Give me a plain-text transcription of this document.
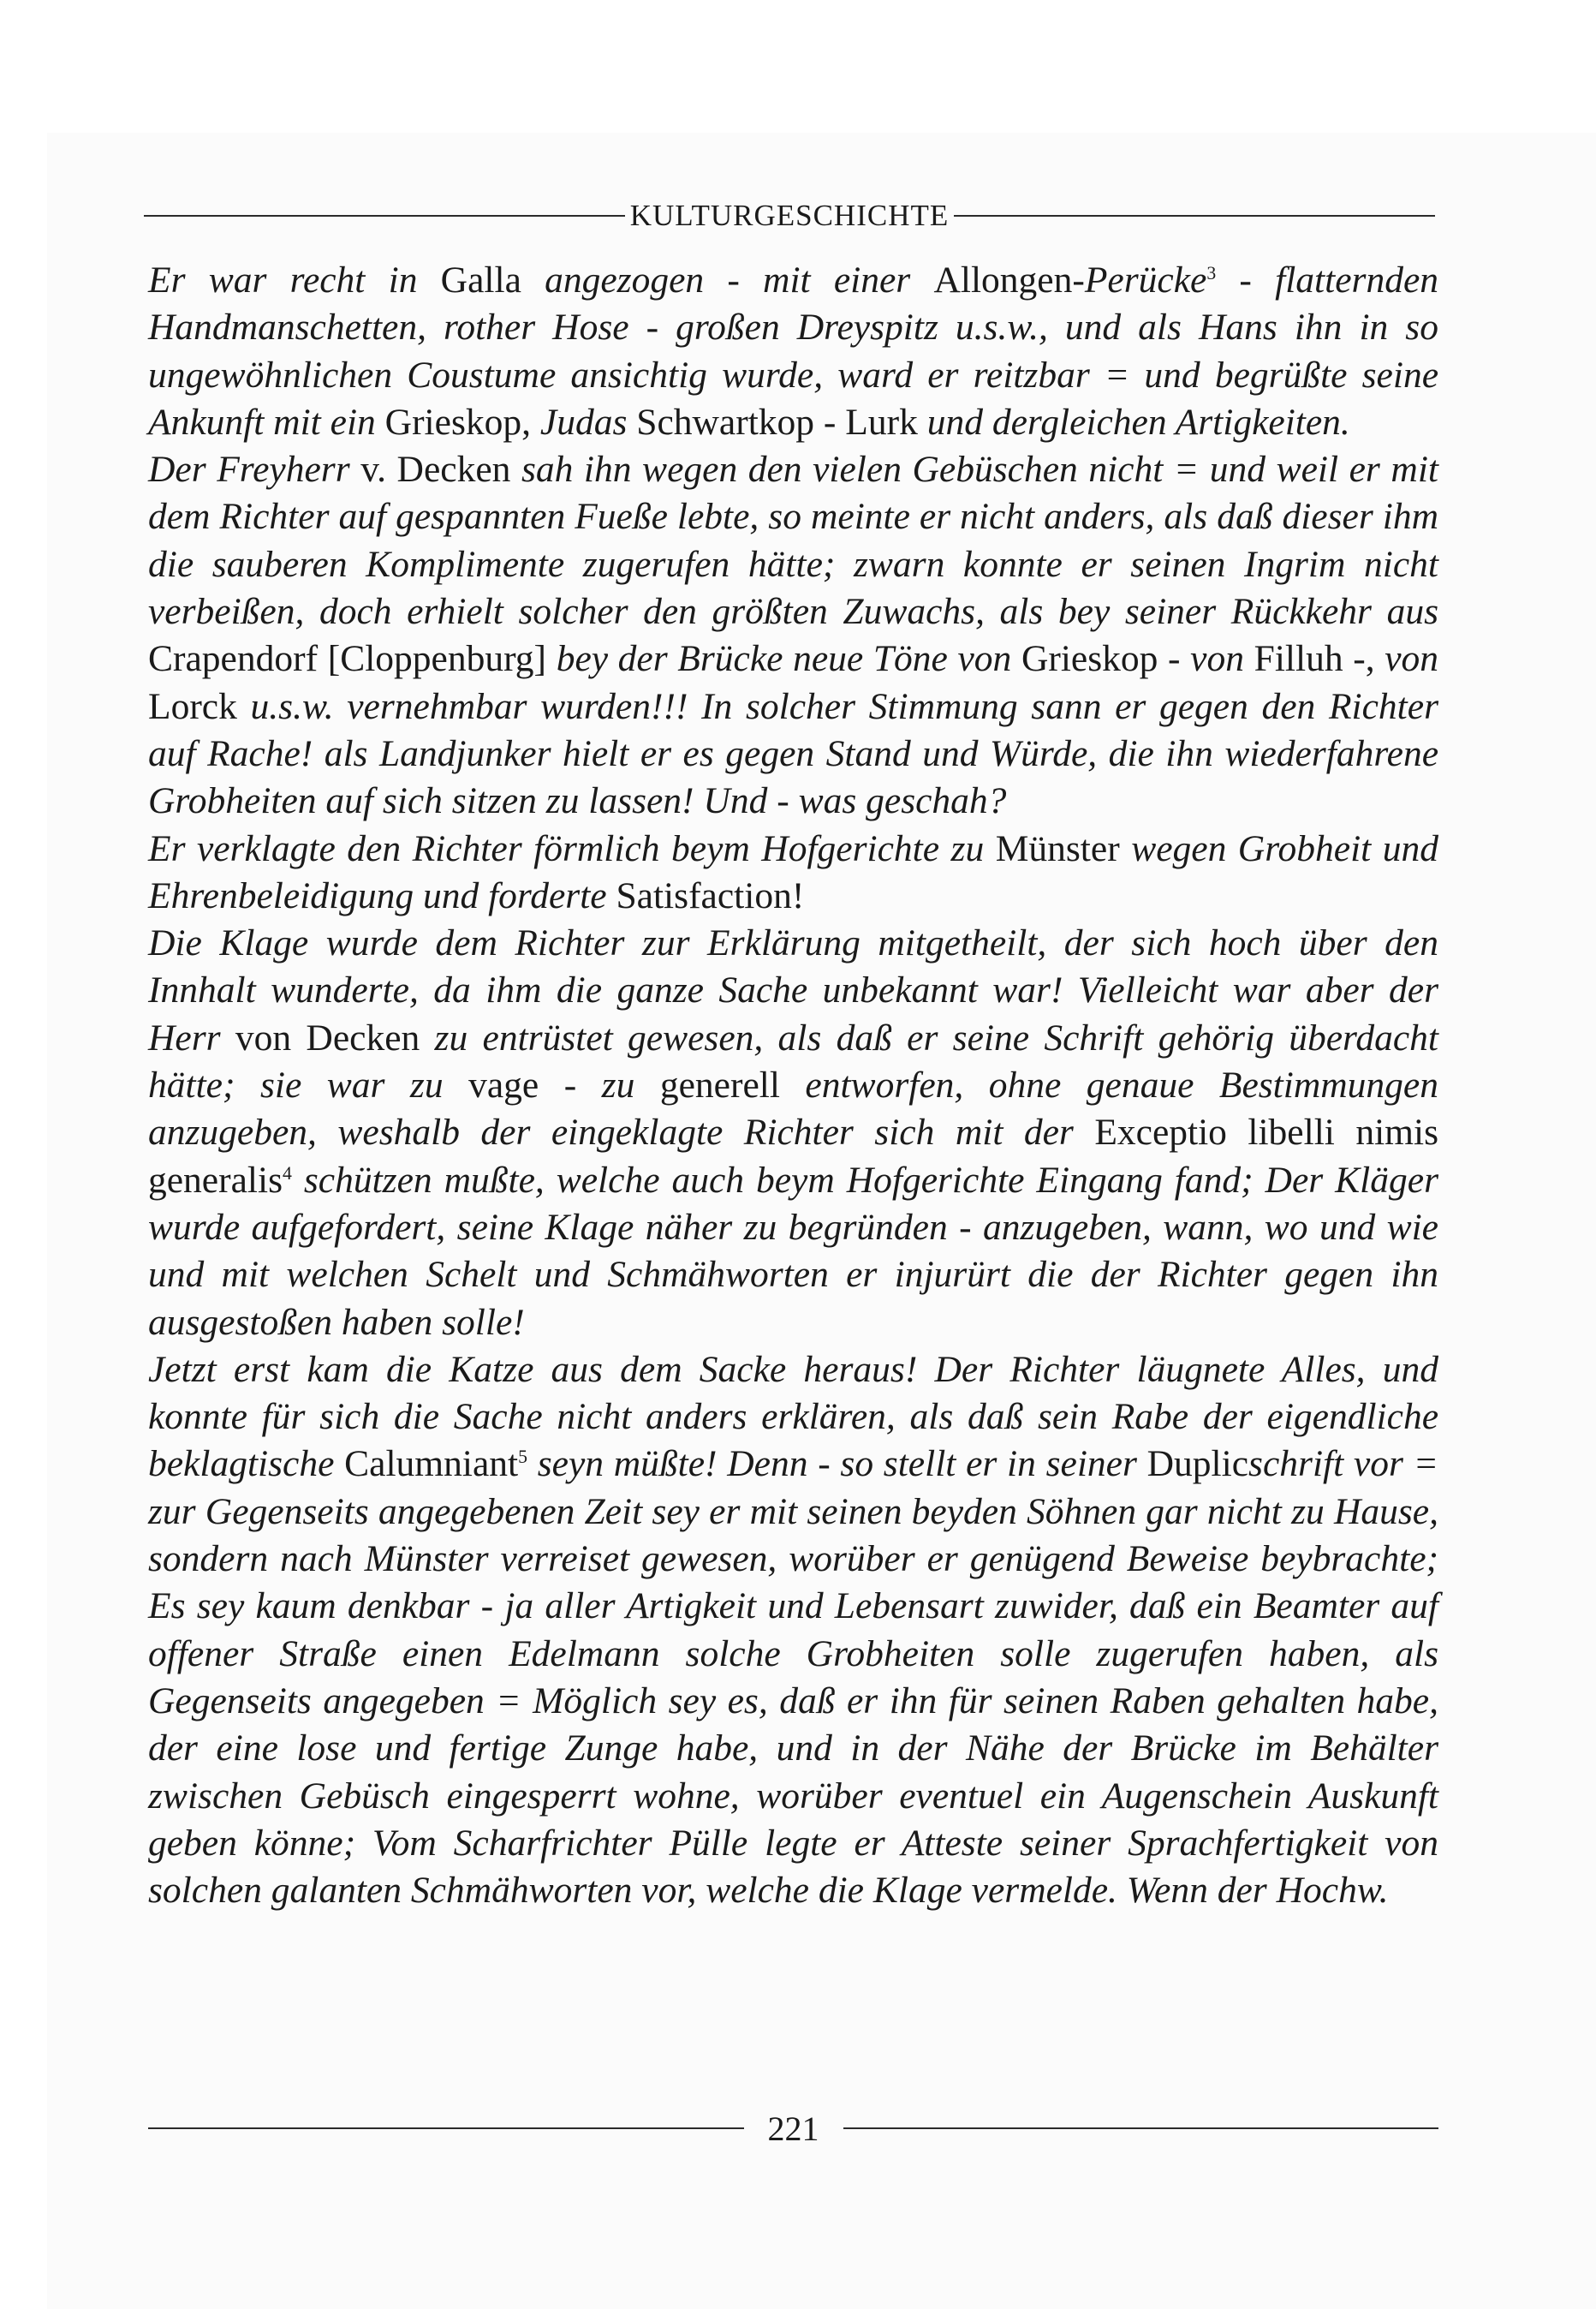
KULTURGESCHICHTE

Er war recht in Galla angezogen - mit einer Allongen-Perücke$^3$ - flatternden Handmanschetten, rother Hose - großen Dreyspitz u.s.w., und als Hans ihn in so ungewöhnlichen Coustume ansichtig wurde, ward er reitzbar = und begrüßte seine Ankunft mit ein Grieskop, Judas Schwartkop - Lurk und dergleichen Artigkeiten.

Der Freyherr v. Decken sah ihn wegen den vielen Gebüschen nicht = und weil er mit dem Richter auf gespannten Fueße lebte, so meinte er nicht anders, als daß dieser ihm die sauberen Komplimente zugerufen hätte; zwarn konnte er seinen Ingrim nicht verbeißen, doch erhielt solcher den größten Zuwachs, als bey seiner Rückkehr aus Crapendorf [Cloppenburg] bey der Brücke neue Töne von Grieskop - von Filluh -, von Lorck u.s.w. vernehmbar wurden!!! In solcher Stimmung sann er gegen den Richter auf Rache! als Landjunker hielt er es gegen Stand und Würde, die ihn wiederfahrene Grobheiten auf sich sitzen zu lassen! Und - was geschah?

Er verklagte den Richter förmlich beym Hofgerichte zu Münster wegen Grobheit und Ehrenbeleidigung und forderte Satisfaction!

Die Klage wurde dem Richter zur Erklärung mitgetheilt, der sich hoch über den Innhalt wunderte, da ihm die ganze Sache unbekannt war! Vielleicht war aber der Herr von Decken zu entrüstet gewesen, als daß er seine Schrift gehörig überdacht hätte; sie war zu vage - zu generell entworfen, ohne genaue Bestimmungen anzugeben, weshalb der eingeklagte Richter sich mit der Exceptio libelli nimis generalis$^4$ schützen mußte, welche auch beym Hofgerichte Eingang fand; Der Kläger wurde aufgefordert, seine Klage näher zu begründen - anzugeben, wann, wo und wie und mit welchen Schelt und Schmähworten er injurürt die der Richter gegen ihn ausgestoßen haben solle!

Jetzt erst kam die Katze aus dem Sacke heraus! Der Richter läugnete Alles, und konnte für sich die Sache nicht anders erklären, als daß sein Rabe der eigendliche beklagtische Calumniant$^5$ seyn müßte! Denn - so stellt er in seiner Duplicschrift vor = zur Gegenseits angegebenen Zeit sey er mit seinen beyden Söhnen gar nicht zu Hause, sondern nach Münster verreiset gewesen, worüber er genügend Beweise beybrachte; Es sey kaum denkbar - ja aller Artigkeit und Lebensart zuwider, daß ein Beamter auf offener Straße einen Edelmann solche Grobheiten solle zugerufen haben, als Gegenseits angegeben = Möglich sey es, daß er ihn für seinen Raben gehalten habe, der eine lose und fertige Zunge habe, und in der Nähe der Brücke im Behälter zwischen Gebüsch eingesperrt wohne, worüber eventuel ein Augenschein Auskunft geben könne; Vom Scharfrichter Pülle legte er Atteste seiner Sprachfertigkeit von solchen galanten Schmähworten vor, welche die Klage vermelde. Wenn der Hochw.

221
